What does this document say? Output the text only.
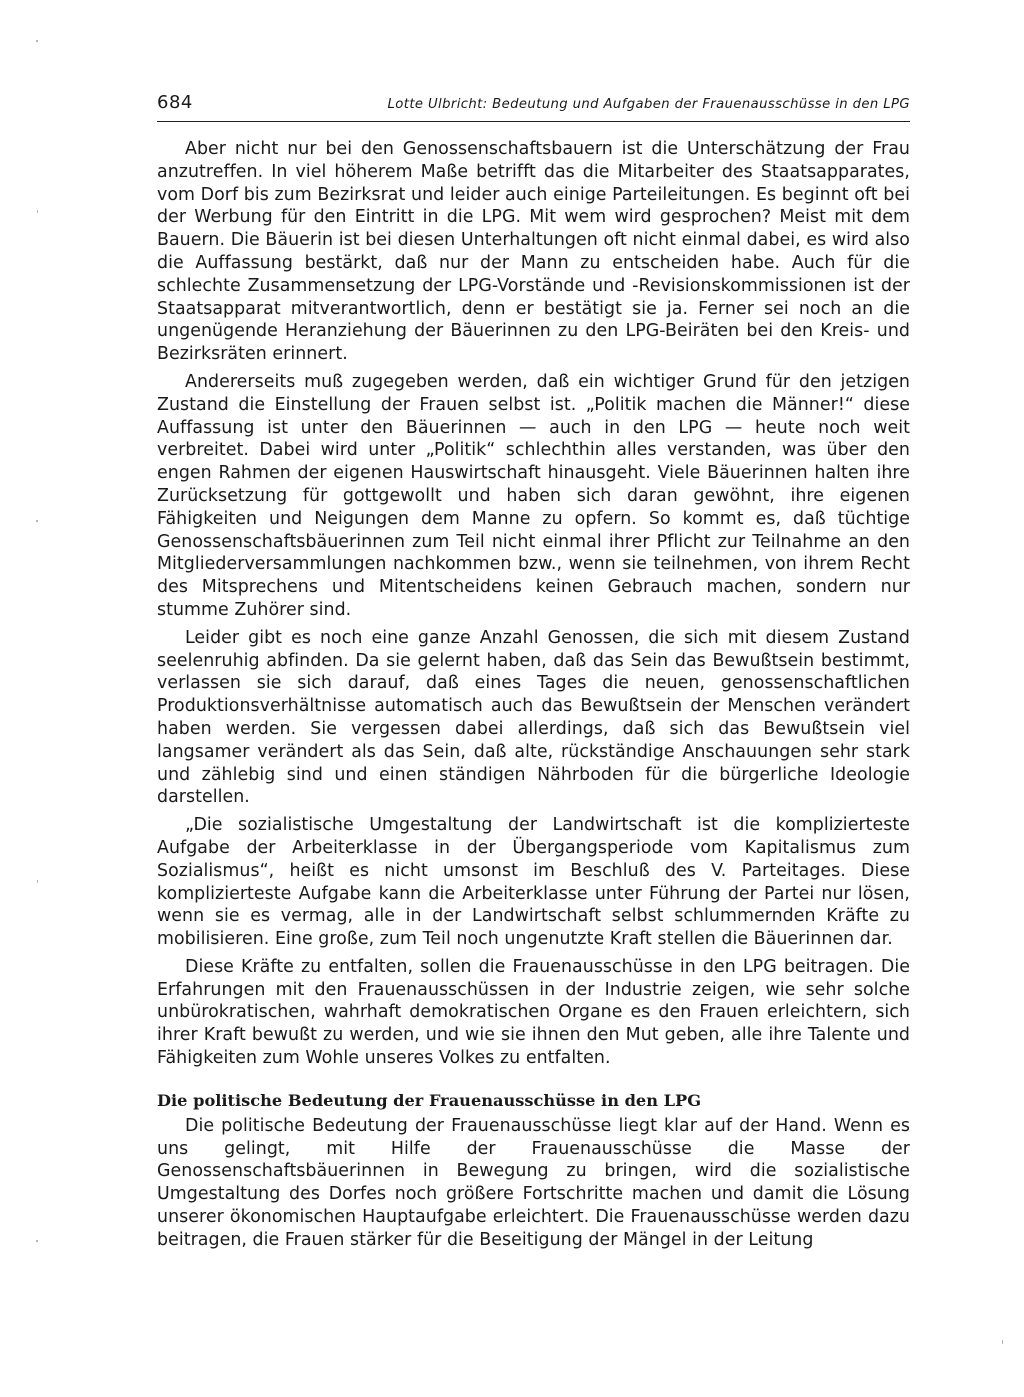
684	Lotte Ulbricht: Bedeutung und Aufgaben der Frauenausschüsse in den LPG

Aber nicht nur bei den Genossenschaftsbauern ist die Unterschätzung der Frau anzutreffen. In viel höherem Maße betrifft das die Mitarbeiter des Staatsapparates, vom Dorf bis zum Bezirksrat und leider auch einige Parteileitungen. Es beginnt oft bei der Werbung für den Eintritt in die LPG. Mit wem wird gesprochen? Meist mit dem Bauern. Die Bäuerin ist bei diesen Unterhaltungen oft nicht einmal dabei, es wird also die Auffassung bestärkt, daß nur der Mann zu entscheiden habe. Auch für die schlechte Zusammensetzung der LPG-Vorstände und -Revisionskommissionen ist der Staatsapparat mitverantwortlich, denn er bestätigt sie ja. Ferner sei noch an die ungenügende Heranziehung der Bäuerinnen zu den LPG-Beiräten bei den Kreis- und Bezirksräten erinnert.

Andererseits muß zugegeben werden, daß ein wichtiger Grund für den jetzigen Zustand die Einstellung der Frauen selbst ist. „Politik machen die Männer!“ diese Auffassung ist unter den Bäuerinnen — auch in den LPG — heute noch weit verbreitet. Dabei wird unter „Politik“ schlechthin alles verstanden, was über den engen Rahmen der eigenen Hauswirtschaft hinausgeht. Viele Bäuerinnen halten ihre Zurücksetzung für gottgewollt und haben sich daran gewöhnt, ihre eigenen Fähigkeiten und Neigungen dem Manne zu opfern. So kommt es, daß tüchtige Genossenschaftsbäuerinnen zum Teil nicht einmal ihrer Pflicht zur Teilnahme an den Mitgliederversammlungen nachkommen bzw., wenn sie teilnehmen, von ihrem Recht des Mitsprechens und Mitentscheidens keinen Gebrauch machen, sondern nur stumme Zuhörer sind.

Leider gibt es noch eine ganze Anzahl Genossen, die sich mit diesem Zustand seelenruhig abfinden. Da sie gelernt haben, daß das Sein das Bewußtsein bestimmt, verlassen sie sich darauf, daß eines Tages die neuen, genossenschaftlichen Produktionsverhältnisse automatisch auch das Bewußtsein der Menschen verändert haben werden. Sie vergessen dabei allerdings, daß sich das Bewußtsein viel langsamer verändert als das Sein, daß alte, rückständige Anschauungen sehr stark und zählebig sind und einen ständigen Nährboden für die bürgerliche Ideologie darstellen.

„Die sozialistische Umgestaltung der Landwirtschaft ist die komplizierteste Aufgabe der Arbeiterklasse in der Übergangsperiode vom Kapitalismus zum Sozialismus“, heißt es nicht umsonst im Beschluß des V. Parteitages. Diese komplizierteste Aufgabe kann die Arbeiterklasse unter Führung der Partei nur lösen, wenn sie es vermag, alle in der Landwirtschaft selbst schlummernden Kräfte zu mobilisieren. Eine große, zum Teil noch ungenutzte Kraft stellen die Bäuerinnen dar.

Diese Kräfte zu entfalten, sollen die Frauenausschüsse in den LPG beitragen. Die Erfahrungen mit den Frauenausschüssen in der Industrie zeigen, wie sehr solche unbürokratischen, wahrhaft demokratischen Organe es den Frauen erleichtern, sich ihrer Kraft bewußt zu werden, und wie sie ihnen den Mut geben, alle ihre Talente und Fähigkeiten zum Wohle unseres Volkes zu entfalten.

Die politische Bedeutung der Frauenausschüsse in den LPG

Die politische Bedeutung der Frauenausschüsse liegt klar auf der Hand. Wenn es uns gelingt, mit Hilfe der Frauenausschüsse die Masse der Genossenschaftsbäuerinnen in Bewegung zu bringen, wird die sozialistische Umgestaltung des Dorfes noch größere Fortschritte machen und damit die Lösung unserer ökonomischen Hauptaufgabe erleichtert. Die Frauenausschüsse werden dazu beitragen, die Frauen stärker für die Beseitigung der Mängel in der Leitung
